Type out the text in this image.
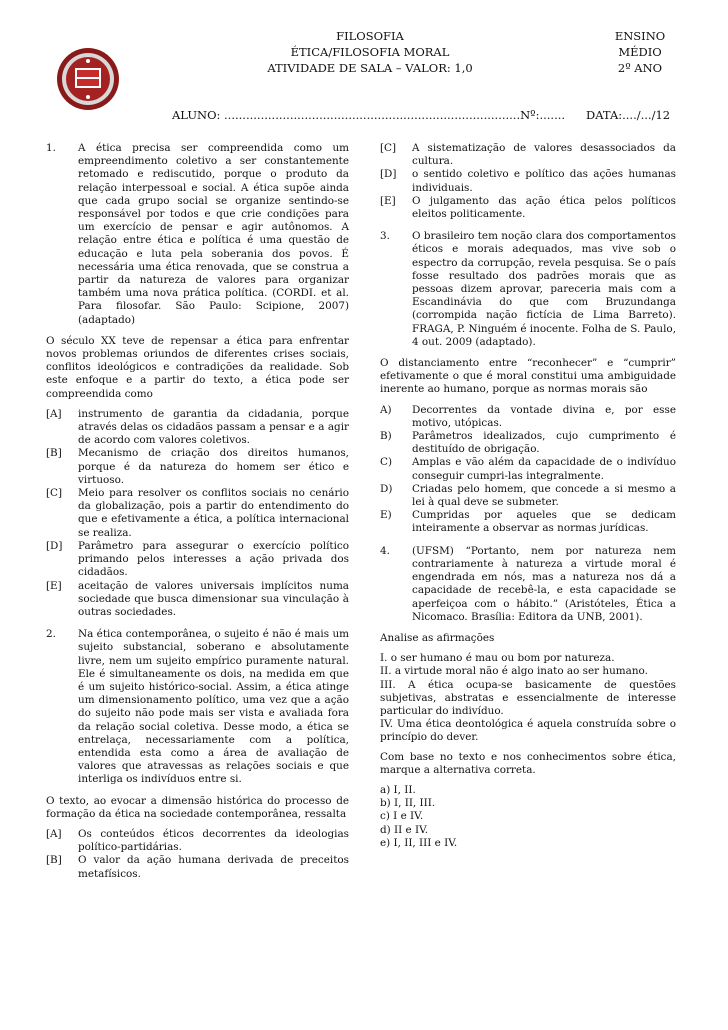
FILOSOFIA
ÉTICA/FILOSOFIA MORAL
ATIVIDADE DE SALA – VALOR: 1,0
ENSINO
MÉDIO
2º ANO
ALUNO: .................................................................................Nº:....... DATA:..../.../12
1.	A ética precisa ser compreendida como um empreendimento coletivo a ser constantemente retomado e rediscutido, porque o produto da relação interpessoal e social. A ética supõe ainda que cada grupo social se organize sentindo-se responsável por todos e que crie condições para um exercício de pensar e agir autônomos. A relação entre ética e política é uma questão de educação e luta pela soberania dos povos. É necessária uma ética renovada, que se construa a partir da natureza de valores para organizar também uma nova prática política. (CORDI. et al. Para filosofar. São Paulo: Scipione, 2007) (adaptado)

O século XX teve de repensar a ética para enfrentar novos problemas oriundos de diferentes crises sociais, conflitos ideológicos e contradições da realidade. Sob este enfoque e a partir do texto, a ética pode ser compreendida como

[A]	instrumento de garantia da cidadania, porque através delas os cidadãos passam a pensar e a agir de acordo com valores coletivos.
[B]	Mecanismo de criação dos direitos humanos, porque é da natureza do homem ser ético e virtuoso.
[C]	Meio para resolver os conflitos sociais no cenário da globalização, pois a partir do entendimento do que e efetivamente a ética, a política internacional se realiza.
[D]	Parâmetro para assegurar o exercício político primando pelos interesses a ação privada dos cidadãos.
[E]	aceitação de valores universais implícitos numa sociedade que busca dimensionar sua vinculação à outras sociedades.
2.	Na ética contemporânea, o sujeito é não é mais um sujeito substancial, soberano e absolutamente livre, nem um sujeito empírico puramente natural. Ele é simultaneamente os dois, na medida em que é um sujeito histórico-social. Assim, a ética atinge um dimensionamento político, uma vez que a ação do sujeito não pode mais ser vista e avaliada fora da relação social coletiva. Desse modo, a ética se entrelaça, necessariamente com a política, entendida esta como a área de avaliação de valores que atravessas as relações sociais e que interliga os indivíduos entre si.

O texto, ao evocar a dimensão histórica do processo de formação da ética na sociedade contemporânea, ressalta

[A]	Os conteúdos éticos decorrentes da ideologias político-partidárias.
[B]	O valor da ação humana derivada de preceitos metafísicos.
[C]	A sistematização de valores desassociados da cultura.
[D]	o sentido coletivo e político das ações humanas individuais.
[E]	O julgamento das ação ética pelos políticos eleitos politicamente.
3.	O brasileiro tem noção clara dos comportamentos éticos e morais adequados, mas vive sob o espectro da corrupção, revela pesquisa. Se o país fosse resultado dos padrões morais que as pessoas dizem aprovar, pareceria mais com a Escandinávia do que com Bruzundanga (corrompida nação fictícia de Lima Barreto). FRAGA, P. Ninguém é inocente. Folha de S. Paulo, 4 out. 2009 (adaptado).

O distanciamento entre “reconhecer” e “cumprir” efetivamente o que é moral constitui uma ambiguidade inerente ao humano, porque as normas morais são

A)	Decorrentes da vontade divina e, por esse motivo, utópicas.
B)	Parâmetros idealizados, cujo cumprimento é destituído de obrigação.
C)	Amplas e vão além da capacidade de o indivíduo conseguir cumpri-las integralmente.
D)	Criadas pelo homem, que concede a si mesmo a lei à qual deve se submeter.
E)	Cumpridas por aqueles que se dedicam inteiramente a observar as normas jurídicas.
4.	(UFSM) “Portanto, nem por natureza nem contrariamente à natureza a virtude moral é engendrada em nós, mas a natureza nos dá a capacidade de recebê-la, e esta capacidade se aperfeiçoa com o hábito.” (Aristóteles, Ética a Nicomaco. Brasília: Editora da UNB, 2001).

Analise as afirmações

I. o ser humano é mau ou bom por natureza.

II. a virtude moral não é algo inato ao ser humano.

III. A ética ocupa-se basicamente de questões subjetivas, abstratas e essencialmente de interesse particular do indivíduo.

IV. Uma ética deontológica é aquela construída sobre o princípio do dever.

Com base no texto e nos conhecimentos sobre ética, marque a alternativa correta.

a) I, II.

b) I, II, III.

c) I e IV.

d) II e IV.

e) I, II, III e IV.
